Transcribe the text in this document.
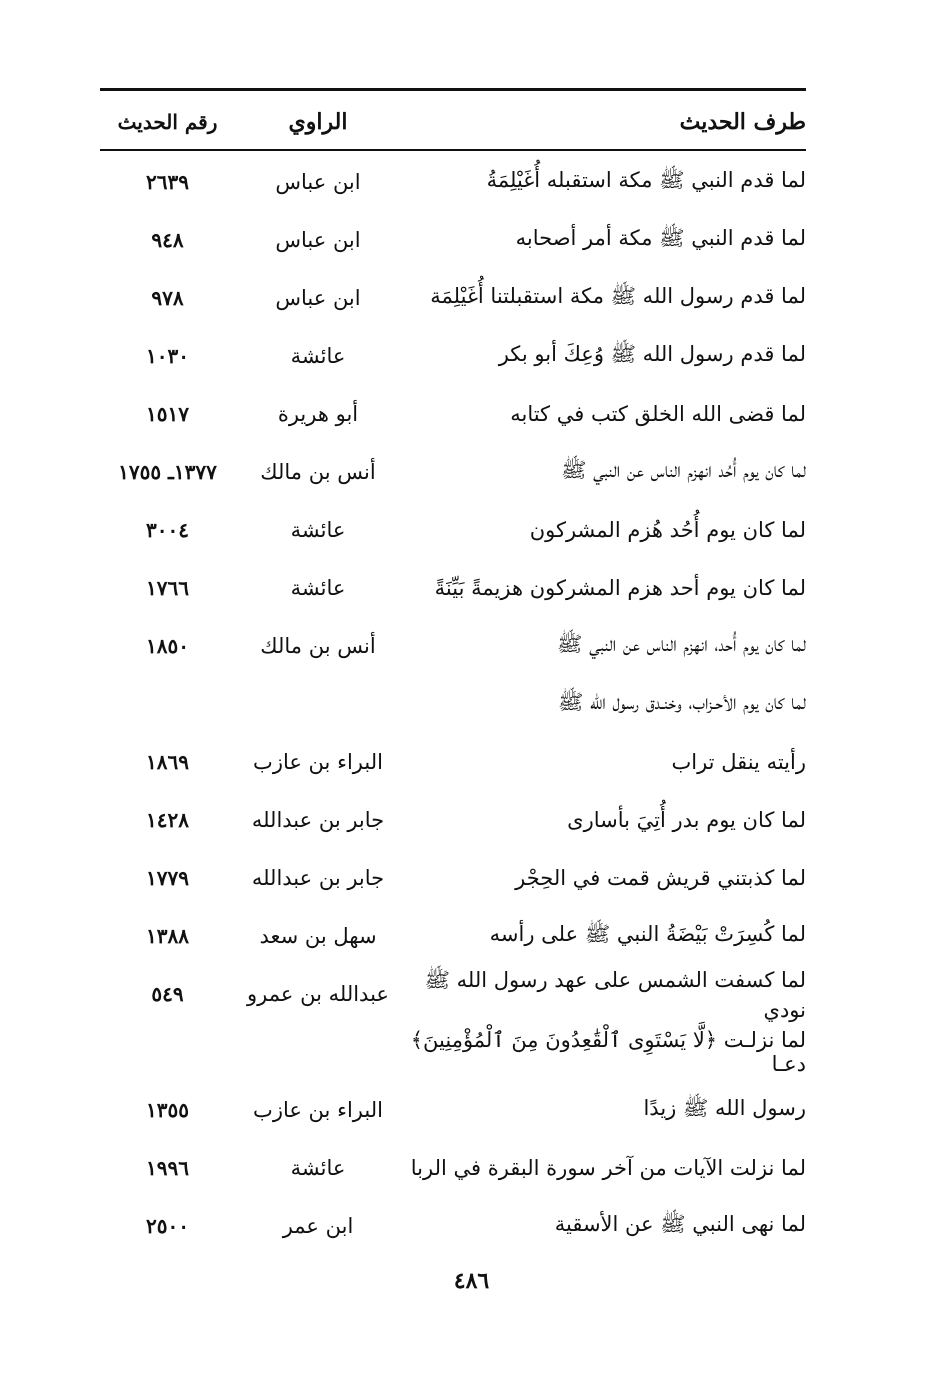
طرف الحديث	الراوي	رقم الحديث
لما قدم النبي ﷺ مكة استقبله أُغَيْلِمَةُ	ابن عباس	٢٦٣٩
لما قدم النبي ﷺ مكة أمر أصحابه	ابن عباس	٩٤٨
لما قدم رسول الله ﷺ مكة استقبلتنا أُغَيْلِمَة	ابن عباس	٩٧٨
لما قدم رسول الله ﷺ وُعِكَ أبو بكر	عائشة	١٠٣٠
لما قضى الله الخلق كتب في كتابه	أبو هريرة	١٥١٧
لما كان يوم أُحُد انهزم الناس عن النبي ﷺ	أنس بن مالك	١٣٧٧ـ ١٧٥٥
لما كان يوم أُحُد هُزم المشركون	عائشة	٣٠٠٤
لما كان يوم أحد هزم المشركون هزيمةً بَيِّنَةً	عائشة	١٧٦٦
لما كان يوم أُحد، انهزم الناس عن النبي ﷺ	أنس بن مالك	١٨٥٠
لما كان يوم الأحـزاب، وخنـدق رسول الله ﷺ		
رأيته ينقل تراب	البراء بن عازب	١٨٦٩
لما كان يوم بدر أُتِيَ بأسارى	جابر بن عبدالله	١٤٢٨
لما كذبتني قريش قمت في الحِجْر	جابر بن عبدالله	١٧٧٩
لما كُسِرَتْ بَيْضَةُ النبي ﷺ على رأسه	سهل بن سعد	١٣٨٨
لما كسفت الشمس على عهد رسول الله ﷺ نودي	عبدالله بن عمرو	٥٤٩
لما نزلـت ﴿لَّا يَسْتَوِى ٱلْقَٰعِدُونَ مِنَ ٱلْمُؤْمِنِينَ﴾ دعـا		
رسول الله ﷺ زيدًا	البراء بن عازب	١٣٥٥
لما نزلت الآيات من آخر سورة البقرة في الربا	عائشة	١٩٩٦
لما نهى النبي ﷺ عن الأسقية	ابن عمر	٢٥٠٠
٤٨٦
